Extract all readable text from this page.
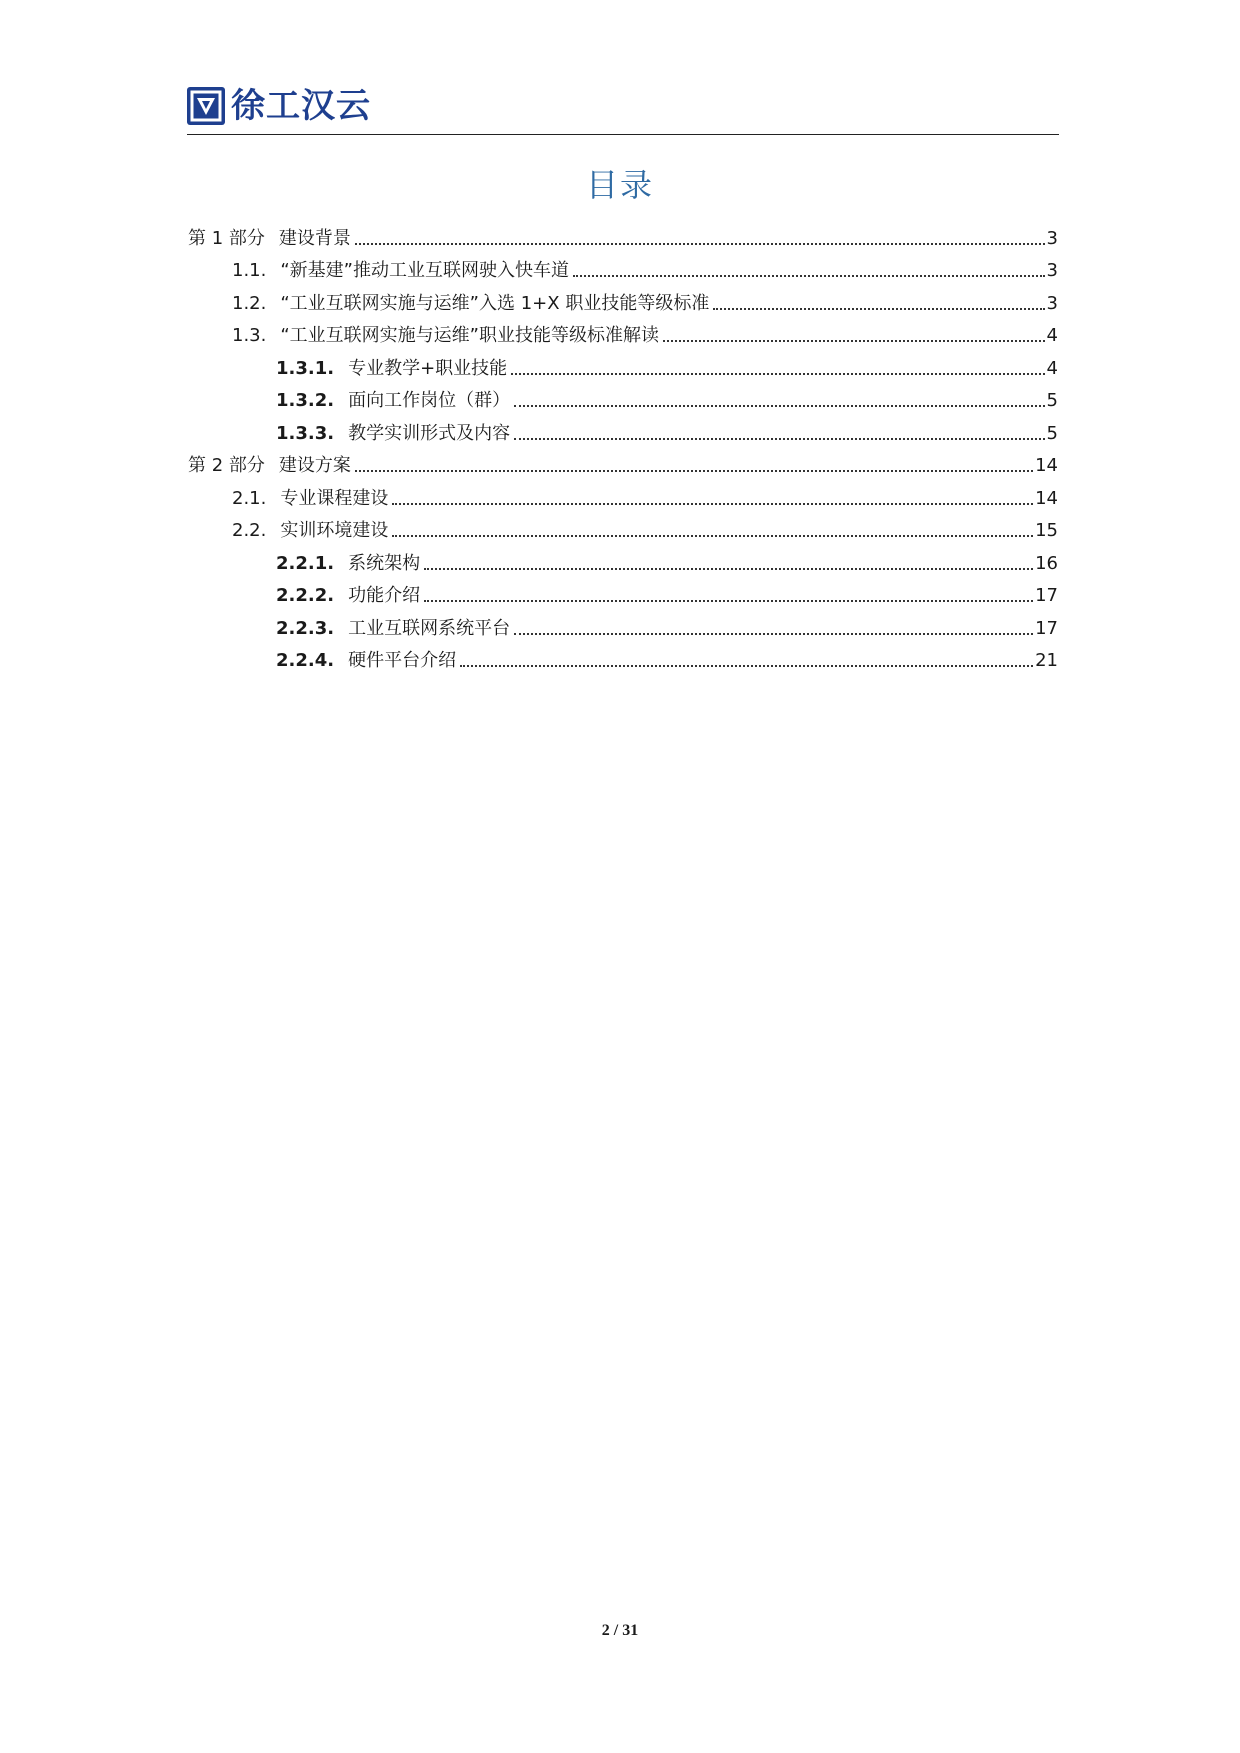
徐工汉云
目录
第 1 部分 建设背景	3
1.1. “新基建”推动工业互联网驶入快车道	3
1.2. “工业互联网实施与运维”入选 1+X 职业技能等级标准	3
1.3. “工业互联网实施与运维”职业技能等级标准解读	4
1.3.1. 专业教学+职业技能	4
1.3.2. 面向工作岗位（群）	5
1.3.3. 教学实训形式及内容	5
第 2 部分 建设方案	14
2.1. 专业课程建设	14
2.2. 实训环境建设	15
2.2.1. 系统架构	16
2.2.2. 功能介绍	17
2.2.3. 工业互联网系统平台	17
2.2.4. 硬件平台介绍	21
2 / 31
